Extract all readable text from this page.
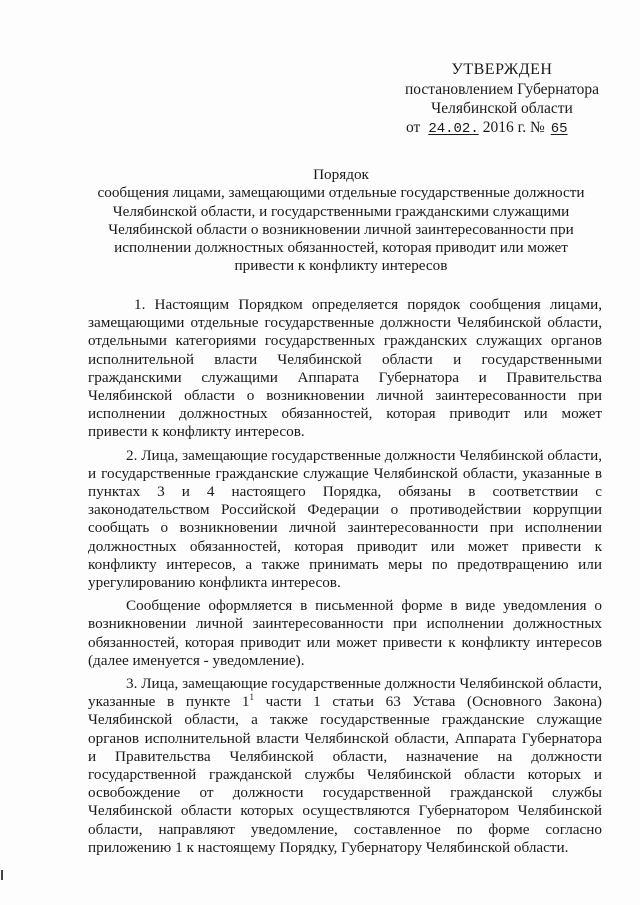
УТВЕРЖДЕН
постановлением Губернатора
Челябинской области
от 24.02. 2016 г. № 65
Порядок
сообщения лицами, замещающими отдельные государственные должности
Челябинской области, и государственными гражданскими служащими
Челябинской области о возникновении личной заинтересованности при
исполнении должностных обязанностей, которая приводит или может
привести к конфликту интересов

1. Настоящим Порядком определяется порядок сообщения лицами, замещающими отдельные государственные должности Челябинской области, отдельными категориями государственных гражданских служащих органов исполнительной власти Челябинской области и государственными гражданскими служащими Аппарата Губернатора и Правительства Челябинской области о возникновении личной заинтересованности при исполнении должностных обязанностей, которая приводит или может привести к конфликту интересов.

2. Лица, замещающие государственные должности Челябинской области, и государственные гражданские служащие Челябинской области, указанные в пунктах 3 и 4 настоящего Порядка, обязаны в соответствии с законодательством Российской Федерации о противодействии коррупции сообщать о возникновении личной заинтересованности при исполнении должностных обязанностей, которая приводит или может привести к конфликту интересов, а также принимать меры по предотвращению или урегулированию конфликта интересов.

Сообщение оформляется в письменной форме в виде уведомления о возникновении личной заинтересованности при исполнении должностных обязанностей, которая приводит или может привести к конфликту интересов (далее именуется - уведомление).

3. Лица, замещающие государственные должности Челябинской области, указанные в пункте $1^1$ части 1 статьи 63 Устава (Основного Закона) Челябинской области, а также государственные гражданские служащие органов исполнительной власти Челябинской области, Аппарата Губернатора и Правительства Челябинской области, назначение на должности государственной гражданской службы Челябинской области которых и освобождение от должности государственной гражданской службы Челябинской области которых осуществляются Губернатором Челябинской области, направляют уведомление, составленное по форме согласно приложению 1 к настоящему Порядку, Губернатору Челябинской области.
